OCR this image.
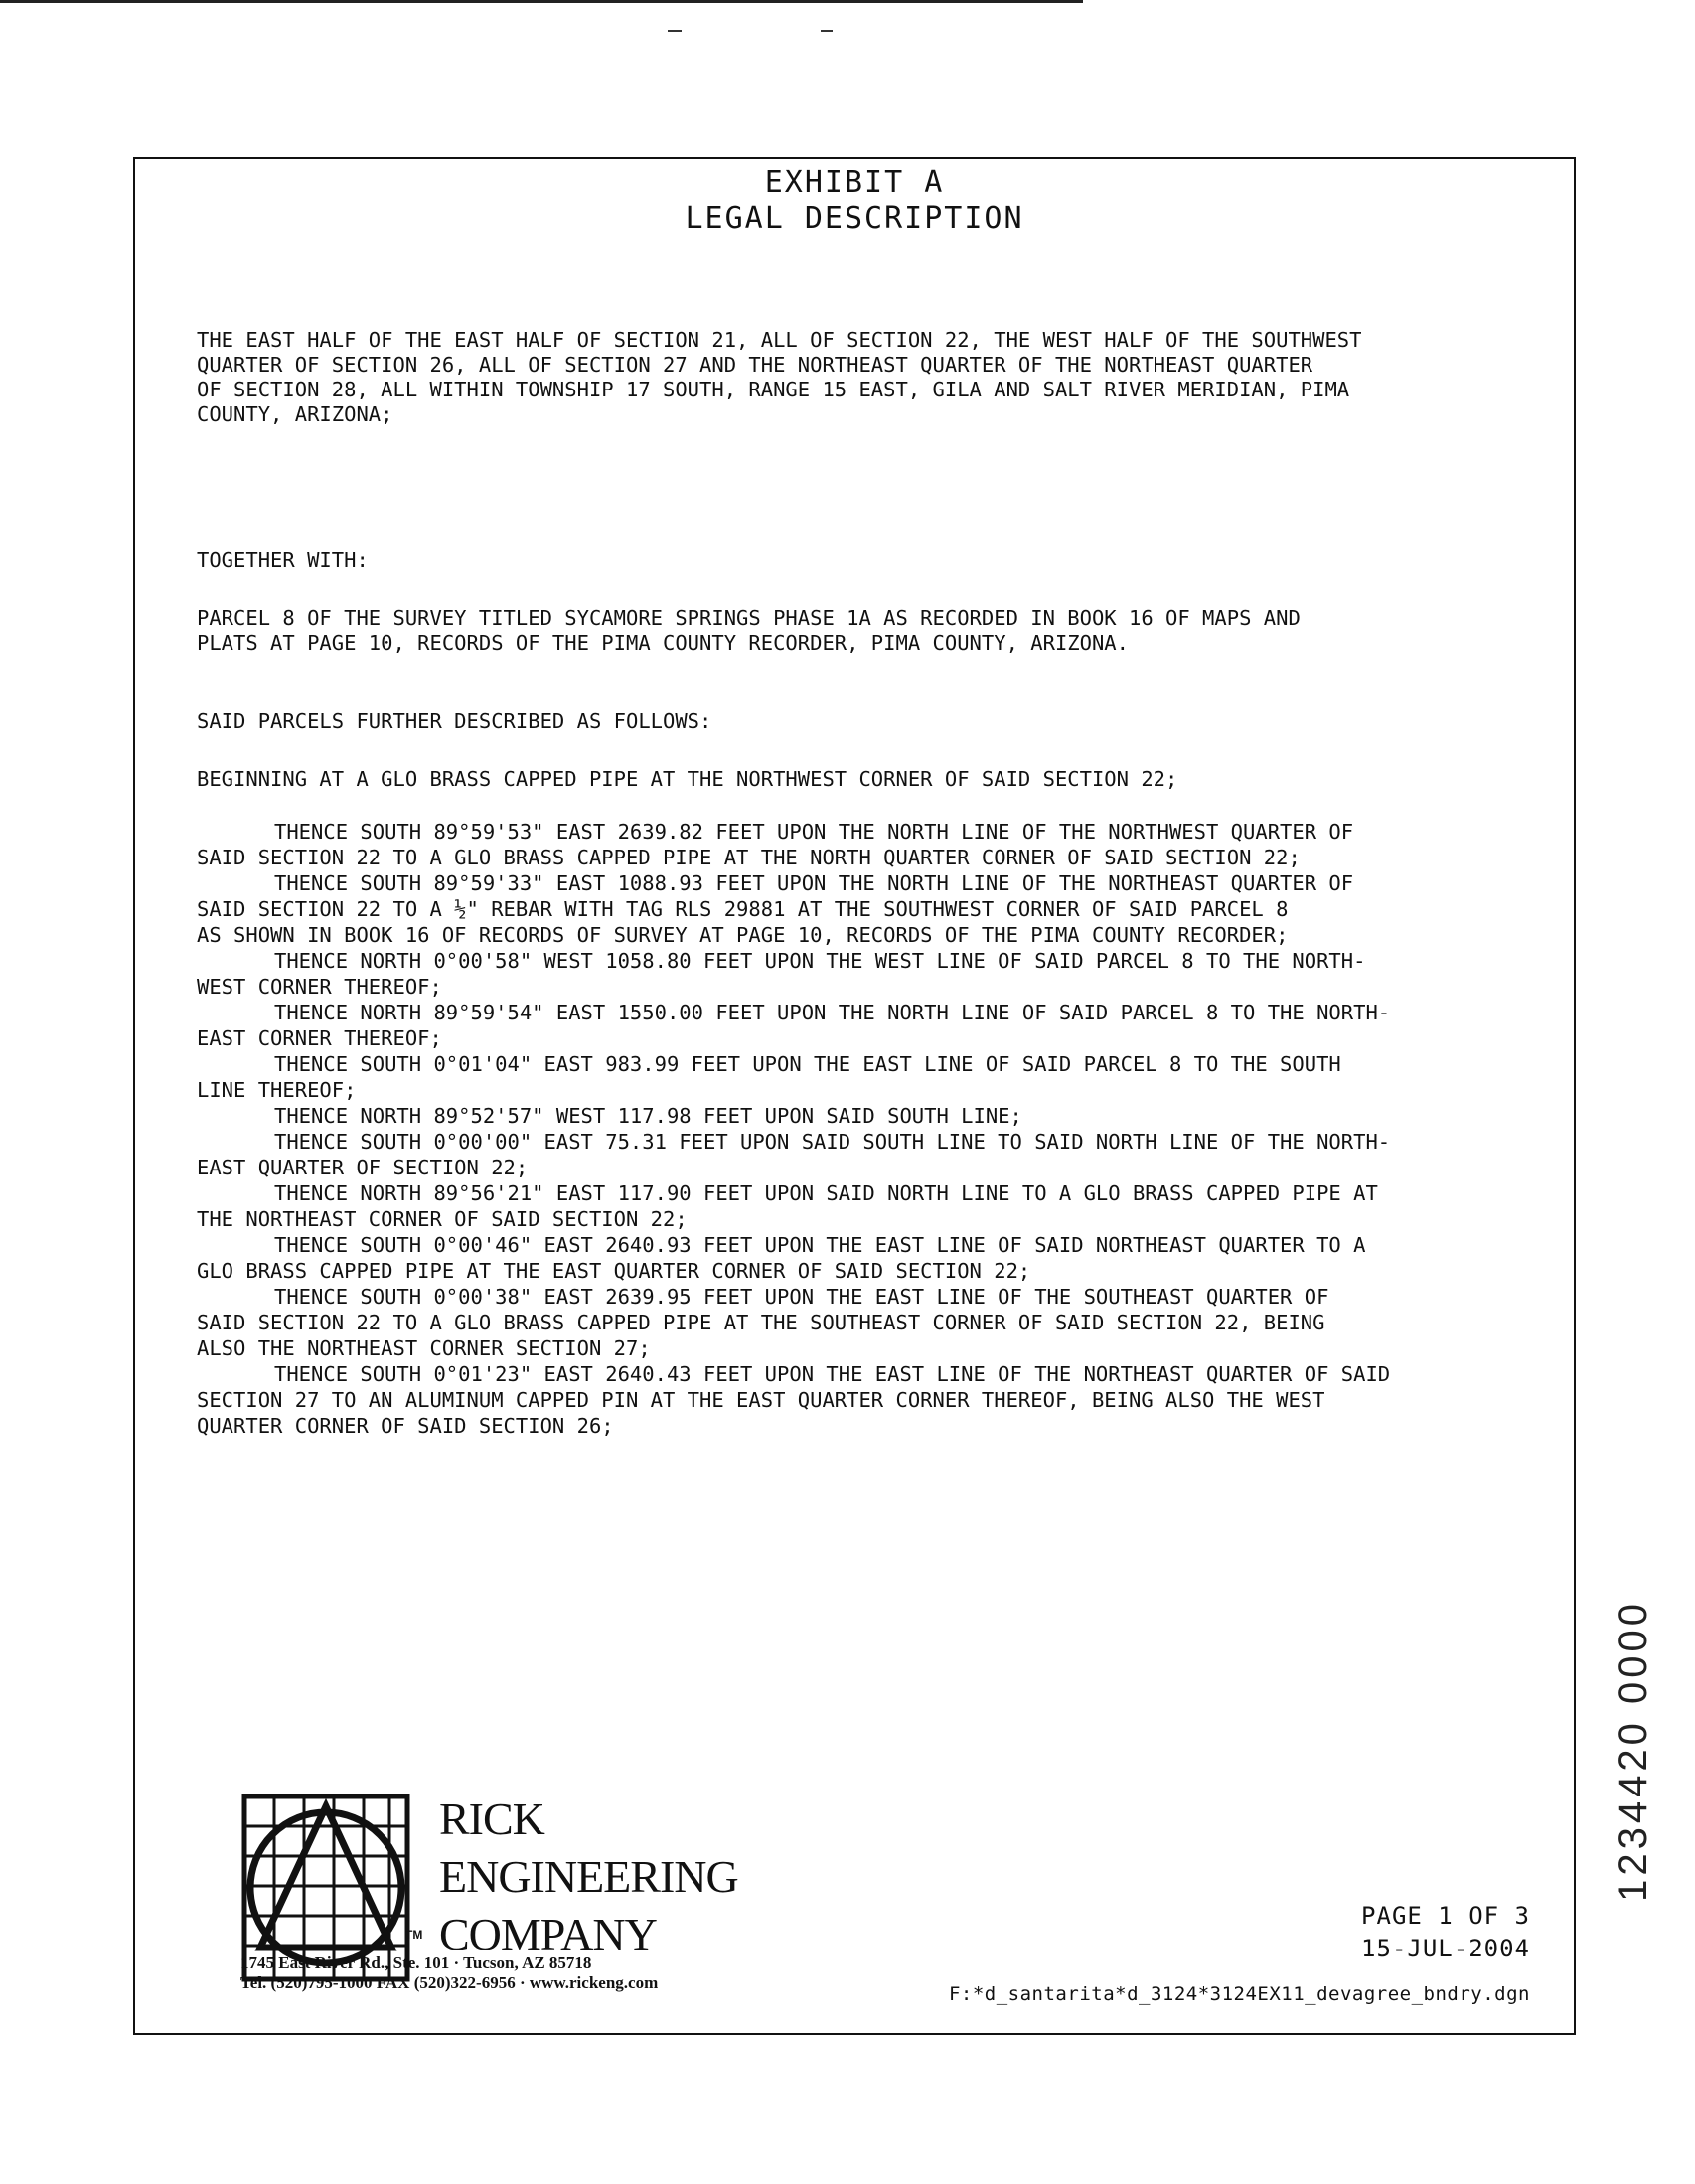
EXHIBIT A
LEGAL DESCRIPTION
THE EAST HALF OF THE EAST HALF OF SECTION 21, ALL OF SECTION 22, THE WEST HALF OF THE SOUTHWEST
QUARTER OF SECTION 26, ALL OF SECTION 27 AND THE NORTHEAST QUARTER OF THE NORTHEAST QUARTER
OF SECTION 28, ALL WITHIN TOWNSHIP 17 SOUTH, RANGE 15 EAST, GILA AND SALT RIVER MERIDIAN, PIMA
COUNTY, ARIZONA;
TOGETHER WITH:
PARCEL 8 OF THE SURVEY TITLED SYCAMORE SPRINGS PHASE 1A AS RECORDED IN BOOK 16 OF MAPS AND
PLATS AT PAGE 10, RECORDS OF THE PIMA COUNTY RECORDER, PIMA COUNTY, ARIZONA.
SAID PARCELS FURTHER DESCRIBED AS FOLLOWS:
BEGINNING AT A GLO BRASS CAPPED PIPE AT THE NORTHWEST CORNER OF SAID SECTION 22;
THENCE SOUTH 89°59'53" EAST 2639.82 FEET UPON THE NORTH LINE OF THE NORTHWEST QUARTER OF
SAID SECTION 22 TO A GLO BRASS CAPPED PIPE AT THE NORTH QUARTER CORNER OF SAID SECTION 22;
THENCE SOUTH 89°59'33" EAST 1088.93 FEET UPON THE NORTH LINE OF THE NORTHEAST QUARTER OF
SAID SECTION 22 TO A ½" REBAR WITH TAG RLS 29881 AT THE SOUTHWEST CORNER OF SAID PARCEL 8
AS SHOWN IN BOOK 16 OF RECORDS OF SURVEY AT PAGE 10, RECORDS OF THE PIMA COUNTY RECORDER;
THENCE NORTH 0°00'58" WEST 1058.80 FEET UPON THE WEST LINE OF SAID PARCEL 8 TO THE NORTH-
WEST CORNER THEREOF;
THENCE NORTH 89°59'54" EAST 1550.00 FEET UPON THE NORTH LINE OF SAID PARCEL 8 TO THE NORTH-
EAST CORNER THEREOF;
THENCE SOUTH 0°01'04" EAST 983.99 FEET UPON THE EAST LINE OF SAID PARCEL 8 TO THE SOUTH
LINE THEREOF;
THENCE NORTH 89°52'57" WEST 117.98 FEET UPON SAID SOUTH LINE;
THENCE SOUTH 0°00'00" EAST 75.31 FEET UPON SAID SOUTH LINE TO SAID NORTH LINE OF THE NORTH-
EAST QUARTER OF SECTION 22;
THENCE NORTH 89°56'21" EAST 117.90 FEET UPON SAID NORTH LINE TO A GLO BRASS CAPPED PIPE AT
THE NORTHEAST CORNER OF SAID SECTION 22;
THENCE SOUTH 0°00'46" EAST 2640.93 FEET UPON THE EAST LINE OF SAID NORTHEAST QUARTER TO A
GLO BRASS CAPPED PIPE AT THE EAST QUARTER CORNER OF SAID SECTION 22;
THENCE SOUTH 0°00'38" EAST 2639.95 FEET UPON THE EAST LINE OF THE SOUTHEAST QUARTER OF
SAID SECTION 22 TO A GLO BRASS CAPPED PIPE AT THE SOUTHEAST CORNER OF SAID SECTION 22, BEING
ALSO THE NORTHEAST CORNER SECTION 27;
THENCE SOUTH 0°01'23" EAST 2640.43 FEET UPON THE EAST LINE OF THE NORTHEAST QUARTER OF SAID
SECTION 27 TO AN ALUMINUM CAPPED PIN AT THE EAST QUARTER CORNER THEREOF, BEING ALSO THE WEST
QUARTER CORNER OF SAID SECTION 26;
RICK
ENGINEERING
COMPANY
TM
1745 East River Rd., Ste. 101 · Tucson, AZ 85718
Tel. (520)795-1000 FAX (520)322-6956 · www.rickeng.com
PAGE 1 OF 3
15-JUL-2004
F:*d_santarita*d_3124*3124EX11_devagree_bndry.dgn
1234420 0000
